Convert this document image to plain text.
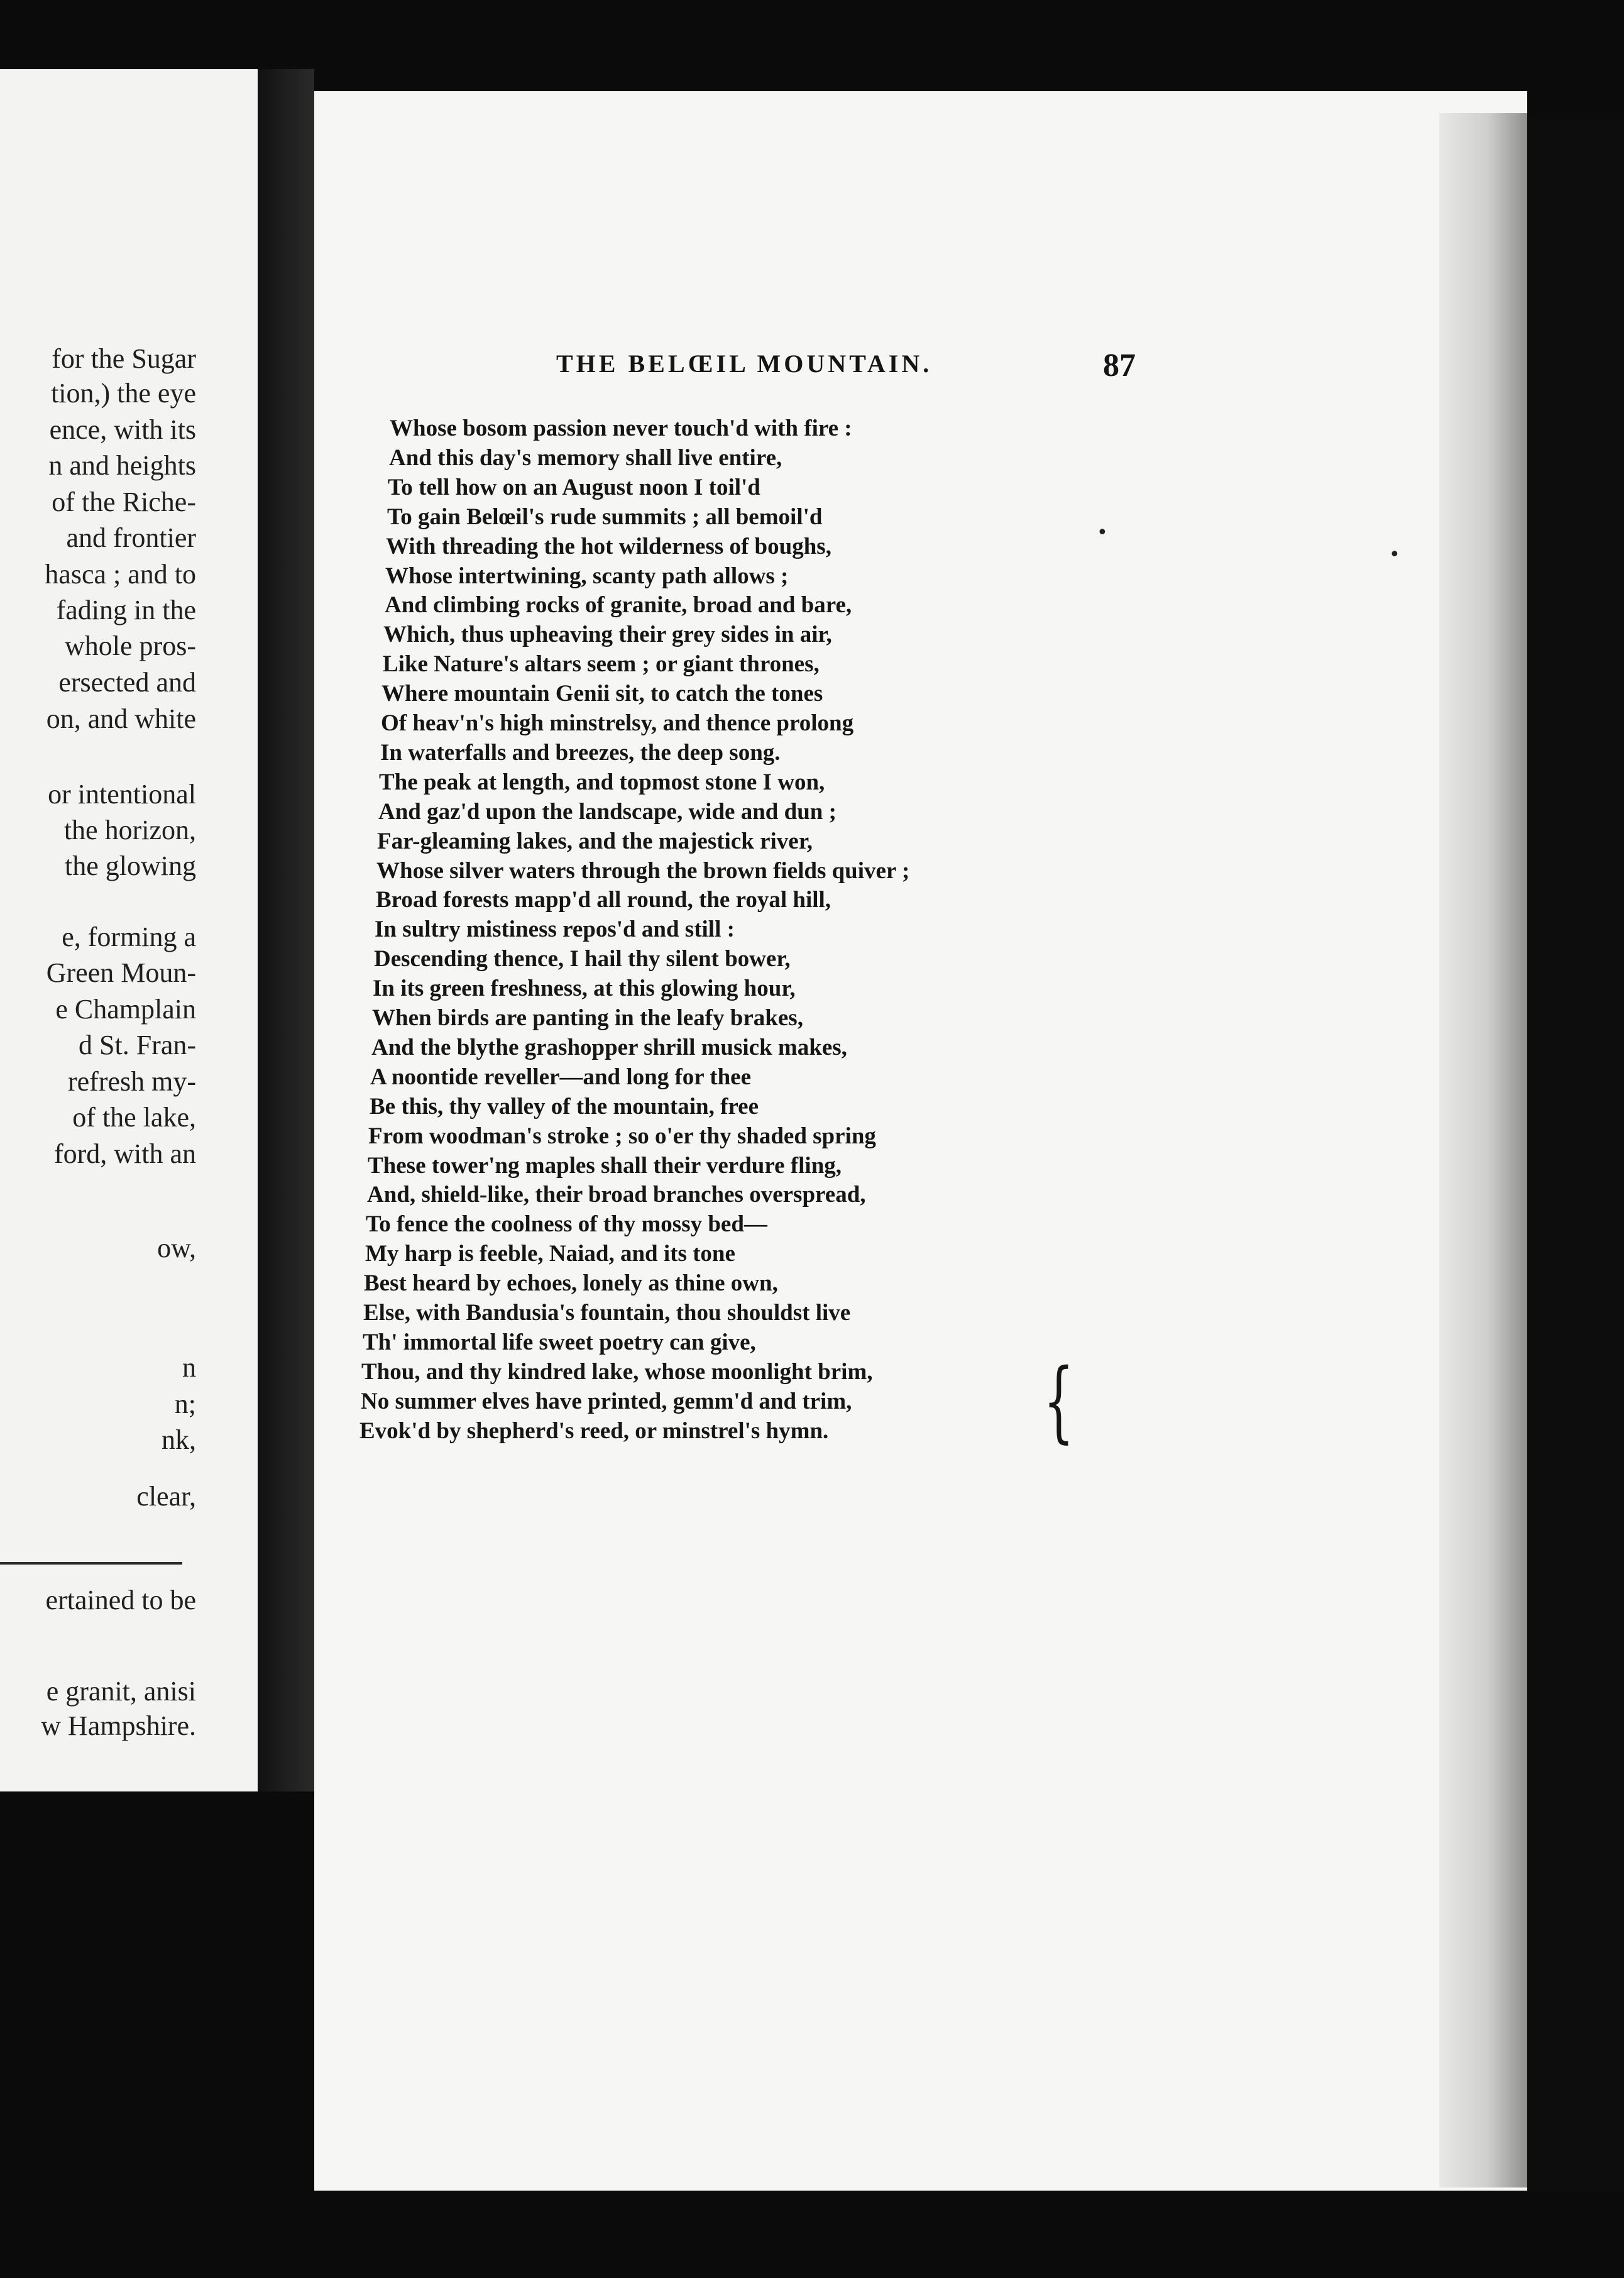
for the Sugar
tion,) the eye
ence, with its
n and heights
of the Riche-
and frontier
hasca ; and to
fading in the
whole pros-
ersected and
on, and white
or intentional
the horizon,
the glowing
e, forming a
Green Moun-
e Champlain
d St. Fran-
refresh my-
of the lake,
ford, with an
ow,
n
n;
nk,
clear,
ertained to be
e granit, anisi
w Hampshire.
THE BELŒIL MOUNTAIN.	87
Whose bosom passion never touch'd with fire :
And this day's memory shall live entire,
To tell how on an August noon I toil'd
To gain Belœil's rude summits ; all bemoil'd
With threading the hot wilderness of boughs,
Whose intertwining, scanty path allows ;
And climbing rocks of granite, broad and bare,
Which, thus upheaving their grey sides in air,
Like Nature's altars seem ; or giant thrones,
Where mountain Genii sit, to catch the tones
Of heav'n's high minstrelsy, and thence prolong
In waterfalls and breezes, the deep song.
The peak at length, and topmost stone I won,
And gaz'd upon the landscape, wide and dun ;
Far-gleaming lakes, and the majestick river,
Whose silver waters through the brown fields quiver ;
Broad forests mapp'd all round, the royal hill,
In sultry mistiness repos'd and still :
Descending thence, I hail thy silent bower,
In its green freshness, at this glowing hour,
When birds are panting in the leafy brakes,
And the blythe grashopper shrill musick makes,
A noontide reveller—and long for thee
Be this, thy valley of the mountain, free
From woodman's stroke ; so o'er thy shaded spring
These tower'ng maples shall their verdure fling,
And, shield-like, their broad branches overspread,
To fence the coolness of thy mossy bed—
My harp is feeble, Naiad, and its tone
Best heard by echoes, lonely as thine own,
Else, with Bandusia's fountain, thou shouldst live
Th' immortal life sweet poetry can give,
Thou, and thy kindred lake, whose moonlight brim,
No summer elves have printed, gemm'd and trim,
Evok'd by shepherd's reed, or minstrel's hymn. {
•
•
